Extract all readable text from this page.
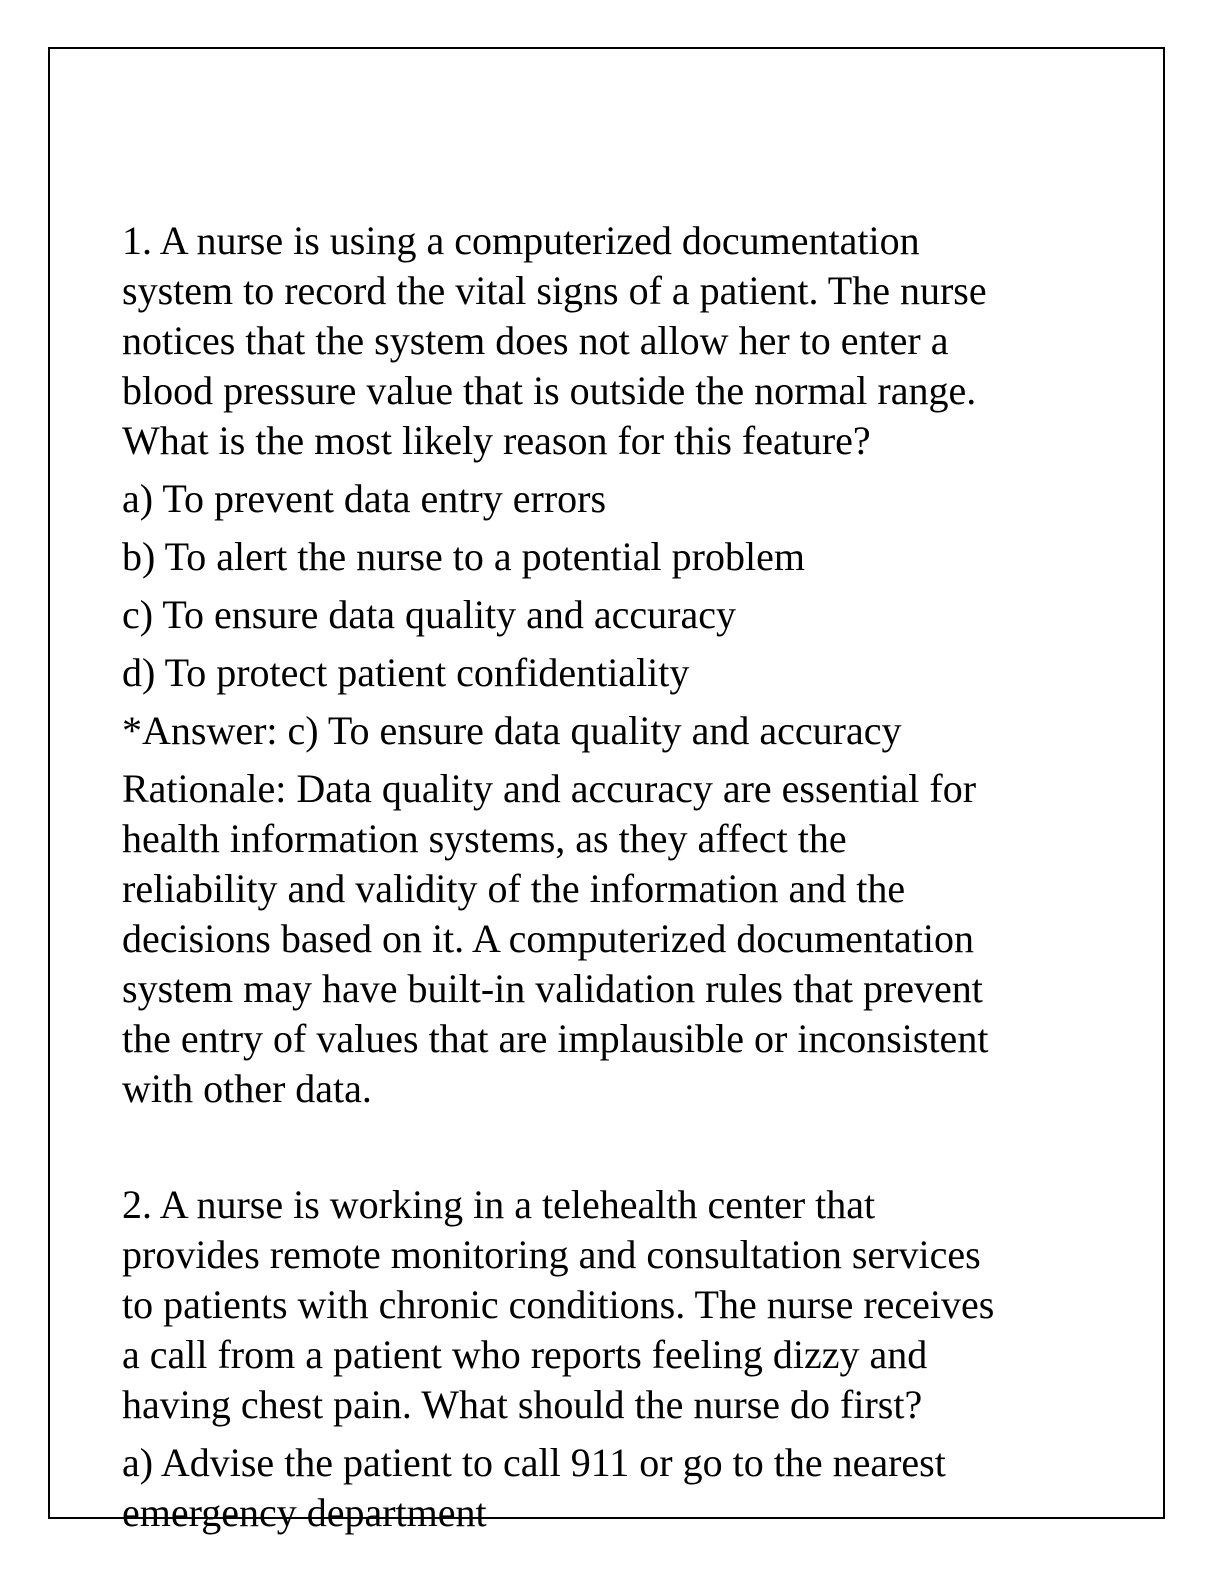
1. A nurse is using a computerized documentation
system to record the vital signs of a patient. The nurse
notices that the system does not allow her to enter a
blood pressure value that is outside the normal range.
What is the most likely reason for this feature?

a) To prevent data entry errors

b) To alert the nurse to a potential problem

c) To ensure data quality and accuracy

d) To protect patient confidentiality

*Answer: c) To ensure data quality and accuracy

Rationale: Data quality and accuracy are essential for
health information systems, as they affect the
reliability and validity of the information and the
decisions based on it. A computerized documentation
system may have built-in validation rules that prevent
the entry of values that are implausible or inconsistent
with other data.

2. A nurse is working in a telehealth center that
provides remote monitoring and consultation services
to patients with chronic conditions. The nurse receives
a call from a patient who reports feeling dizzy and
having chest pain. What should the nurse do first?

a) Advise the patient to call 911 or go to the nearest
emergency department
